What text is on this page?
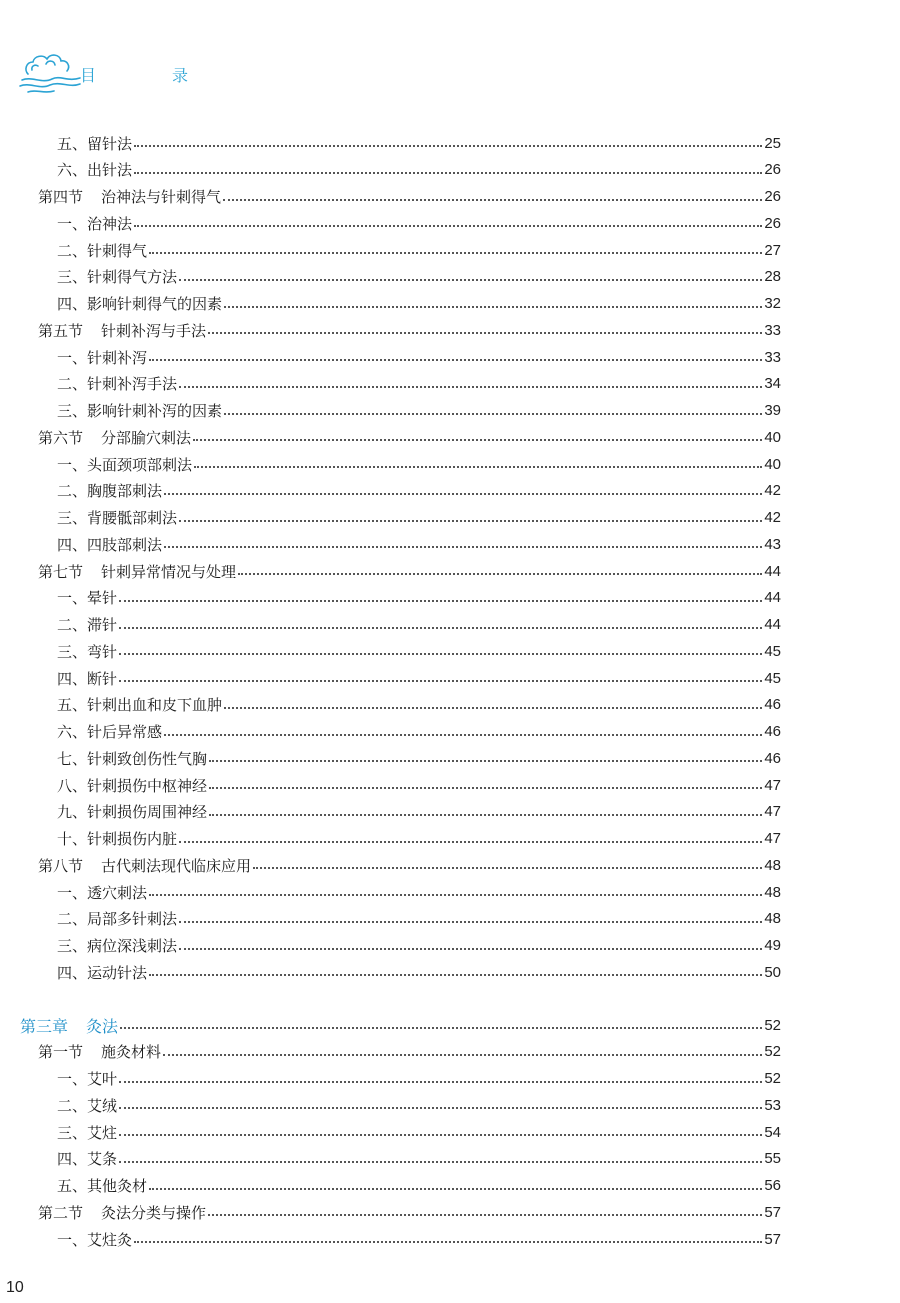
目　录
五、留针法	25
六、出针法	26
第四节 治神法与针刺得气	26
一、治神法	26
二、针刺得气	27
三、针刺得气方法	28
四、影响针刺得气的因素	32
第五节 针刺补泻与手法	33
一、针刺补泻	33
二、针刺补泻手法	34
三、影响针刺补泻的因素	39
第六节 分部腧穴刺法	40
一、头面颈项部刺法	40
二、胸腹部刺法	42
三、背腰骶部刺法	42
四、四肢部刺法	43
第七节 针刺异常情况与处理	44
一、晕针	44
二、滞针	44
三、弯针	45
四、断针	45
五、针刺出血和皮下血肿	46
六、针后异常感	46
七、针刺致创伤性气胸	46
八、针刺损伤中枢神经	47
九、针刺损伤周围神经	47
十、针刺损伤内脏	47
第八节 古代刺法现代临床应用	48
一、透穴刺法	48
二、局部多针刺法	48
三、病位深浅刺法	49
四、运动针法	50
第三章 灸法	52
第一节 施灸材料	52
一、艾叶	52
二、艾绒	53
三、艾炷	54
四、艾条	55
五、其他灸材	56
第二节 灸法分类与操作	57
一、艾炷灸	57
10
